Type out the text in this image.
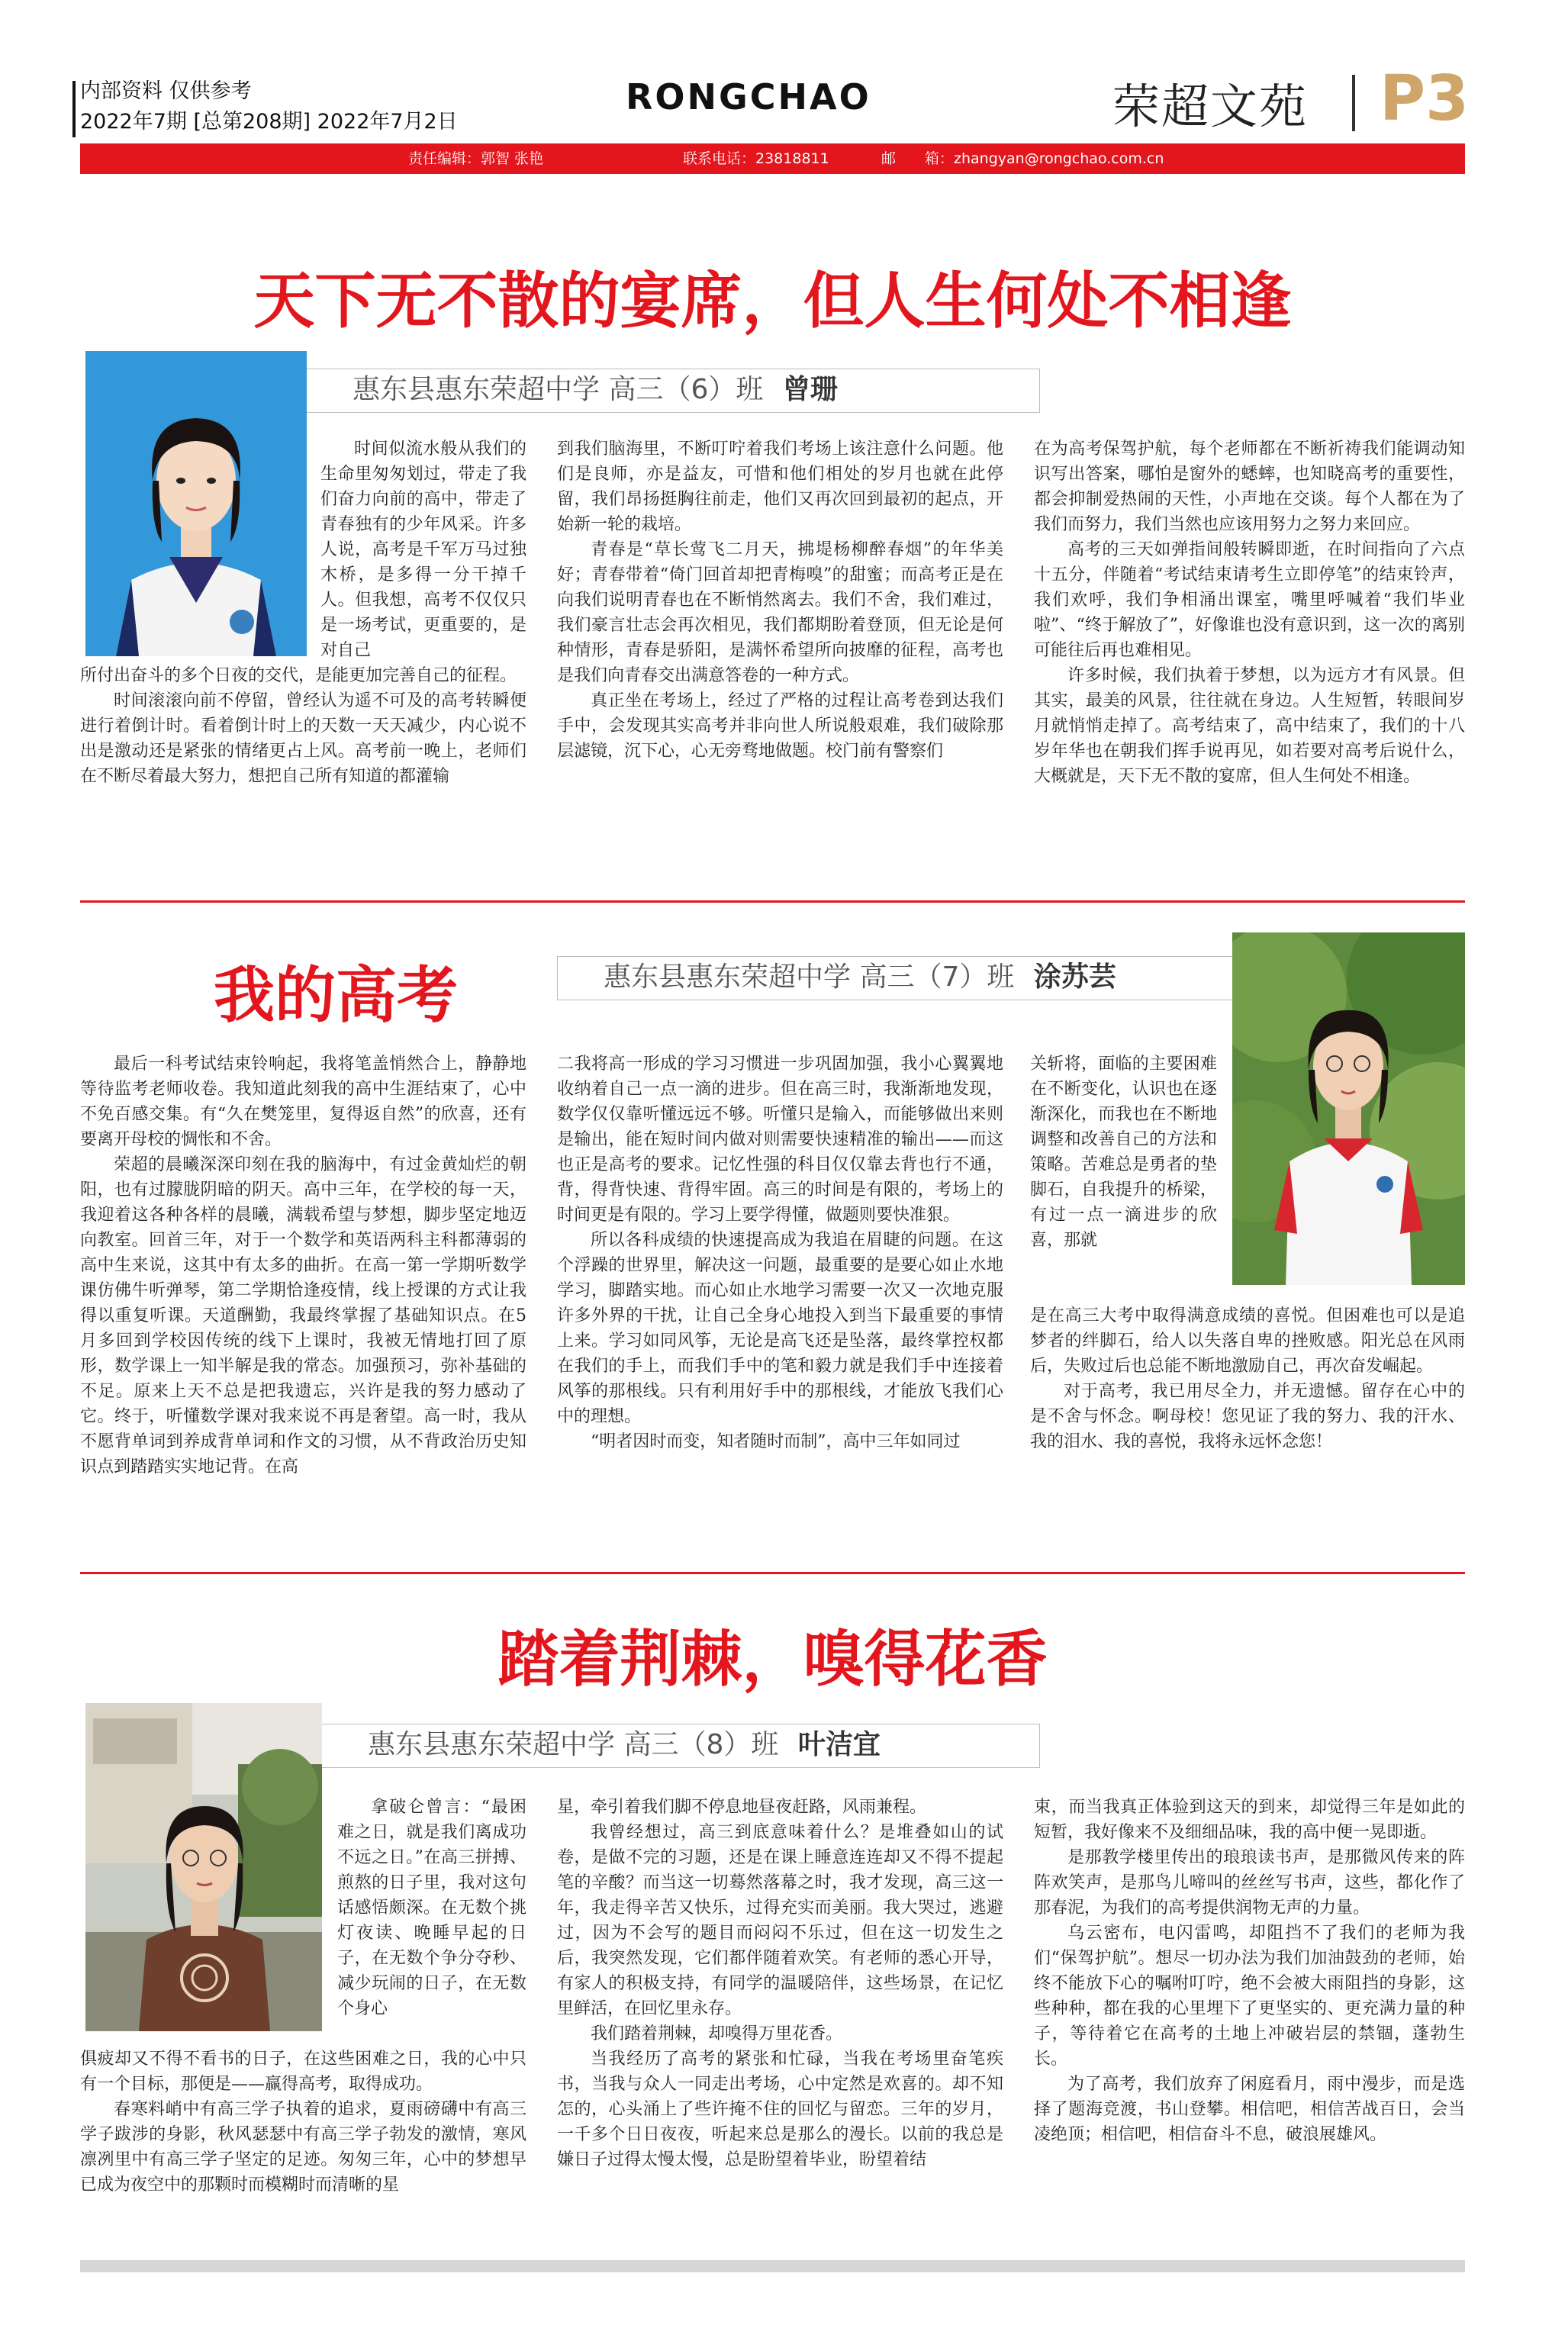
内部资料 仅供参考
2022年7期 [总第208期] 2022年7月2日
RONGCHAO	荣超文苑 P3
责任编辑：郭智 张艳	联系电话：23818811	邮　　箱：zhangyan@rongchao.com.cn
天下无不散的宴席，但人生何处不相逢
惠东县惠东荣超中学 高三（6）班 曾珊

时间似流水般从我们的生命里匆匆划过，带走了我们奋力向前的高中，带走了青春独有的少年风采。许多人说，高考是千军万马过独木桥，是多得一分干掉千人。但我想，高考不仅仅只是一场考试，更重要的，是对自己

所付出奋斗的多个日夜的交代，是能更加完善自己的征程。

时间滚滚向前不停留，曾经认为遥不可及的高考转瞬便进行着倒计时。看着倒计时上的天数一天天减少，内心说不出是激动还是紧张的情绪更占上风。高考前一晚上，老师们在不断尽着最大努力，想把自己所有知道的都灌输

到我们脑海里，不断叮咛着我们考场上该注意什么问题。他们是良师，亦是益友，可惜和他们相处的岁月也就在此停留，我们昂扬挺胸往前走，他们又再次回到最初的起点，开始新一轮的栽培。

青春是“草长莺飞二月天，拂堤杨柳醉春烟”的年华美好；青春带着“倚门回首却把青梅嗅”的甜蜜；而高考正是在向我们说明青春也在不断悄然离去。我们不舍，我们难过，我们豪言壮志会再次相见，我们都期盼着登顶，但无论是何种情形，青春是骄阳，是满怀希望所向披靡的征程，高考也是我们向青春交出满意答卷的一种方式。

真正坐在考场上，经过了严格的过程让高考卷到达我们手中，会发现其实高考并非向世人所说般艰难，我们破除那层滤镜，沉下心，心无旁骛地做题。校门前有警察们

在为高考保驾护航，每个老师都在不断祈祷我们能调动知识写出答案，哪怕是窗外的蟋蟀，也知晓高考的重要性，都会抑制爱热闹的天性，小声地在交谈。每个人都在为了我们而努力，我们当然也应该用努力之努力来回应。

高考的三天如弹指间般转瞬即逝，在时间指向了六点十五分，伴随着“考试结束请考生立即停笔”的结束铃声，我们欢呼，我们争相涌出课室，嘴里呼喊着“我们毕业啦”、“终于解放了”，好像谁也没有意识到，这一次的离别可能往后再也难相见。

许多时候，我们执着于梦想，以为远方才有风景。但其实，最美的风景，往往就在身边。人生短暂，转眼间岁月就悄悄走掉了。高考结束了，高中结束了，我们的十八岁年华也在朝我们挥手说再见，如若要对高考后说什么，大概就是，天下无不散的宴席，但人生何处不相逢。

我的高考	惠东县惠东荣超中学 高三（7）班 涂苏芸

最后一科考试结束铃响起，我将笔盖悄然合上，静静地等待监考老师收卷。我知道此刻我的高中生涯结束了，心中不免百感交集。有“久在樊笼里，复得返自然”的欣喜，还有要离开母校的惆怅和不舍。

荣超的晨曦深深印刻在我的脑海中，有过金黄灿烂的朝阳，也有过朦胧阴暗的阴天。高中三年，在学校的每一天，我迎着这各种各样的晨曦，满载希望与梦想，脚步坚定地迈向教室。回首三年，对于一个数学和英语两科主科都薄弱的高中生来说，这其中有太多的曲折。在高一第一学期听数学课仿佛牛听弹琴，第二学期恰逢疫情，线上授课的方式让我得以重复听课。天道酬勤，我最终掌握了基础知识点。在5月多回到学校因传统的线下上课时，我被无情地打回了原形，数学课上一知半解是我的常态。加强预习，弥补基础的不足。原来上天不总是把我遗忘，兴许是我的努力感动了它。终于，听懂数学课对我来说不再是奢望。高一时，我从不愿背单词到养成背单词和作文的习惯，从不背政治历史知识点到踏踏实实地记背。在高

二我将高一形成的学习习惯进一步巩固加强，我小心翼翼地收纳着自己一点一滴的进步。但在高三时，我渐渐地发现，数学仅仅靠听懂远远不够。听懂只是输入，而能够做出来则是输出，能在短时间内做对则需要快速精准的输出——而这也正是高考的要求。记忆性强的科目仅仅靠去背也行不通，背，得背快速、背得牢固。高三的时间是有限的，考场上的时间更是有限的。学习上要学得懂，做题则要快准狠。

所以各科成绩的快速提高成为我追在眉睫的问题。在这个浮躁的世界里，解决这一问题，最重要的是要心如止水地学习，脚踏实地。而心如止水地学习需要一次又一次地克服许多外界的干扰，让自己全身心地投入到当下最重要的事情上来。学习如同风筝，无论是高飞还是坠落，最终掌控权都在我们的手上，而我们手中的笔和毅力就是我们手中连接着风筝的那根线。只有利用好手中的那根线，才能放飞我们心中的理想。

“明者因时而变，知者随时而制”，高中三年如同过

关斩将，面临的主要困难在不断变化，认识也在逐渐深化，而我也在不断地调整和改善自己的方法和策略。苦难总是勇者的垫脚石，自我提升的桥梁，有过一点一滴进步的欣喜，那就

是在高三大考中取得满意成绩的喜悦。但困难也可以是追梦者的绊脚石，给人以失落自卑的挫败感。阳光总在风雨后，失败过后也总能不断地激励自己，再次奋发崛起。

对于高考，我已用尽全力，并无遗憾。留存在心中的是不舍与怀念。啊母校！您见证了我的努力、我的汗水、我的泪水、我的喜悦，我将永远怀念您！

踏着荆棘，嗅得花香
惠东县惠东荣超中学 高三（8）班 叶洁宜

拿破仑曾言：“最困难之日，就是我们离成功不远之日。”在高三拼搏、煎熬的日子里，我对这句话感悟颇深。在无数个挑灯夜读、晚睡早起的日子，在无数个争分夺秒、减少玩闹的日子，在无数个身心

俱疲却又不得不看书的日子，在这些困难之日，我的心中只有一个目标，那便是——赢得高考，取得成功。

春寒料峭中有高三学子执着的追求，夏雨磅礴中有高三学子跋涉的身影，秋风瑟瑟中有高三学子勃发的激情，寒风凛冽里中有高三学子坚定的足迹。匆匆三年，心中的梦想早已成为夜空中的那颗时而模糊时而清晰的星

星，牵引着我们脚不停息地昼夜赶路，风雨兼程。

我曾经想过，高三到底意味着什么？是堆叠如山的试卷，是做不完的习题，还是在课上睡意连连却又不得不提起笔的辛酸？而当这一切蓦然落幕之时，我才发现，高三这一年，我走得辛苦又快乐，过得充实而美丽。我大哭过，逃避过，因为不会写的题目而闷闷不乐过，但在这一切发生之后，我突然发现，它们都伴随着欢笑。有老师的悉心开导，有家人的积极支持，有同学的温暖陪伴，这些场景，在记忆里鲜活，在回忆里永存。

我们踏着荆棘，却嗅得万里花香。

当我经历了高考的紧张和忙碌，当我在考场里奋笔疾书，当我与众人一同走出考场，心中定然是欢喜的。却不知怎的，心头涌上了些许掩不住的回忆与留恋。三年的岁月，一千多个日日夜夜，听起来总是那么的漫长。以前的我总是嫌日子过得太慢太慢，总是盼望着毕业，盼望着结

束，而当我真正体验到这天的到来，却觉得三年是如此的短暂，我好像来不及细细品味，我的高中便一晃即逝。

是那教学楼里传出的琅琅读书声，是那微风传来的阵阵欢笑声，是那鸟儿啼叫的丝丝写书声，这些，都化作了那春泥，为我们的高考提供润物无声的力量。

乌云密布，电闪雷鸣，却阻挡不了我们的老师为我们“保驾护航”。想尽一切办法为我们加油鼓劲的老师，始终不能放下心的嘱咐叮咛，绝不会被大雨阻挡的身影，这些种种，都在我的心里埋下了更坚实的、更充满力量的种子，等待着它在高考的土地上冲破岩层的禁锢，蓬勃生长。

为了高考，我们放弃了闲庭看月，雨中漫步，而是选择了题海竞渡，书山登攀。相信吧，相信苦战百日，会当凌绝顶；相信吧，相信奋斗不息，破浪展雄风。
